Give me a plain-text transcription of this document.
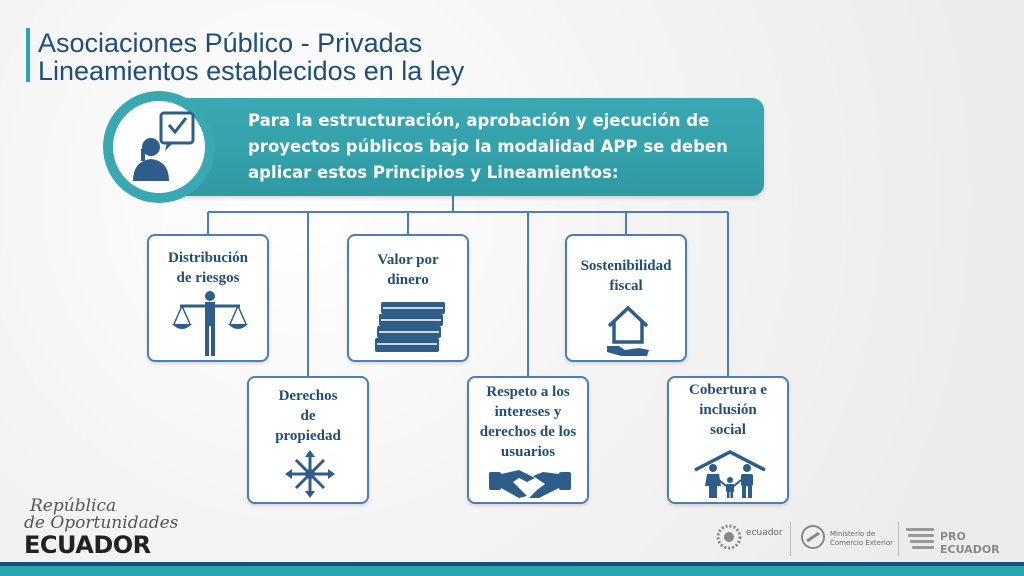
Asociaciones Público - Privadas
Lineamientos establecidos en la ley
Para la estructuración, aprobación y ejecución de
proyectos públicos bajo la modalidad APP se deben
aplicar estos Principios y Lineamientos:
Distribución
de riesgos
Derechos
de
propiedad
Valor por
dinero
Respeto a los
intereses y
derechos de los
usuarios
Sostenibilidad
fiscal
Cobertura e
inclusión
social
República
de Oportunidades
ECUADOR	ecuador	Ministerio de
Comercio Exterior	PRO ECUADOR
